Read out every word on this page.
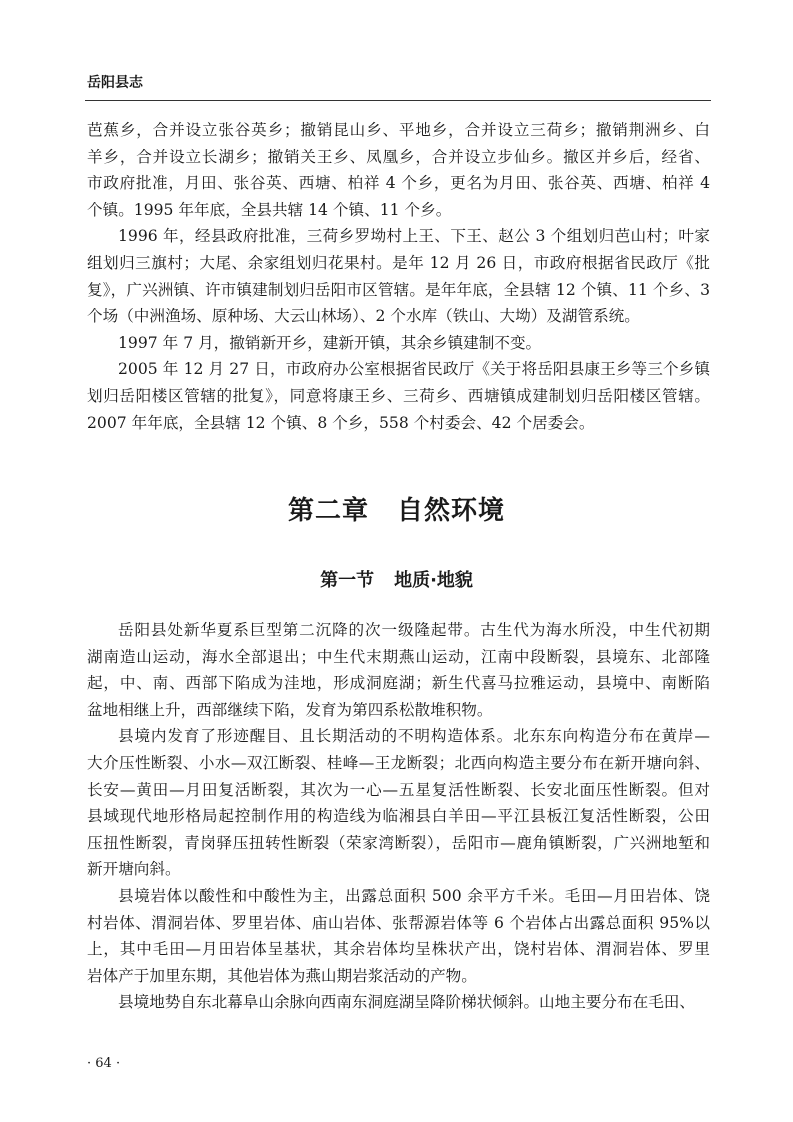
岳阳县志
芭蕉乡，合并设立张谷英乡；撤销昆山乡、平地乡，合并设立三荷乡；撤销荆洲乡、白
羊乡，合并设立长湖乡；撤销关王乡、凤凰乡，合并设立步仙乡。撤区并乡后，经省、
市政府批准，月田、张谷英、西塘、柏祥 4 个乡，更名为月田、张谷英、西塘、柏祥 4
个镇。1995 年年底，全县共辖 14 个镇、11 个乡。
1996 年，经县政府批准，三荷乡罗坳村上王、下王、赵公 3 个组划归芭山村；叶家
组划归三旗村；大尾、余家组划归花果村。是年 12 月 26 日，市政府根据省民政厅《批
复》，广兴洲镇、许市镇建制划归岳阳市区管辖。是年年底，全县辖 12 个镇、11 个乡、3
个场（中洲渔场、原种场、大云山林场）、2 个水库（铁山、大坳）及湖管系统。
1997 年 7 月，撤销新开乡，建新开镇，其余乡镇建制不变。
2005 年 12 月 27 日，市政府办公室根据省民政厅《关于将岳阳县康王乡等三个乡镇
划归岳阳楼区管辖的批复》，同意将康王乡、三荷乡、西塘镇成建制划归岳阳楼区管辖。
2007 年年底，全县辖 12 个镇、8 个乡，558 个村委会、42 个居委会。
第二章 自然环境
第一节 地质·地貌
岳阳县处新华夏系巨型第二沉降的次一级隆起带。古生代为海水所没，中生代初期
湖南造山运动，海水全部退出；中生代末期燕山运动，江南中段断裂，县境东、北部隆
起，中、南、西部下陷成为洼地，形成洞庭湖；新生代喜马拉雅运动，县境中、南断陷
盆地相继上升，西部继续下陷，发育为第四系松散堆积物。
县境内发育了形迹醒目、且长期活动的不明构造体系。北东东向构造分布在黄岸—
大介压性断裂、小水—双江断裂、桂峰—王龙断裂；北西向构造主要分布在新开塘向斜、
长安—黄田—月田复活断裂，其次为一心—五星复活性断裂、长安北面压性断裂。但对
县域现代地形格局起控制作用的构造线为临湘县白羊田—平江县板江复活性断裂，公田
压扭性断裂，青岗驿压扭转性断裂（荣家湾断裂），岳阳市—鹿角镇断裂，广兴洲地堑和
新开塘向斜。
县境岩体以酸性和中酸性为主，出露总面积 500 余平方千米。毛田—月田岩体、饶
村岩体、渭洞岩体、罗里岩体、庙山岩体、张帮源岩体等 6 个岩体占出露总面积 95%以
上，其中毛田—月田岩体呈基状，其余岩体均呈株状产出，饶村岩体、渭洞岩体、罗里
岩体产于加里东期，其他岩体为燕山期岩浆活动的产物。
县境地势自东北幕阜山余脉向西南东洞庭湖呈降阶梯状倾斜。山地主要分布在毛田、
· 64 ·
